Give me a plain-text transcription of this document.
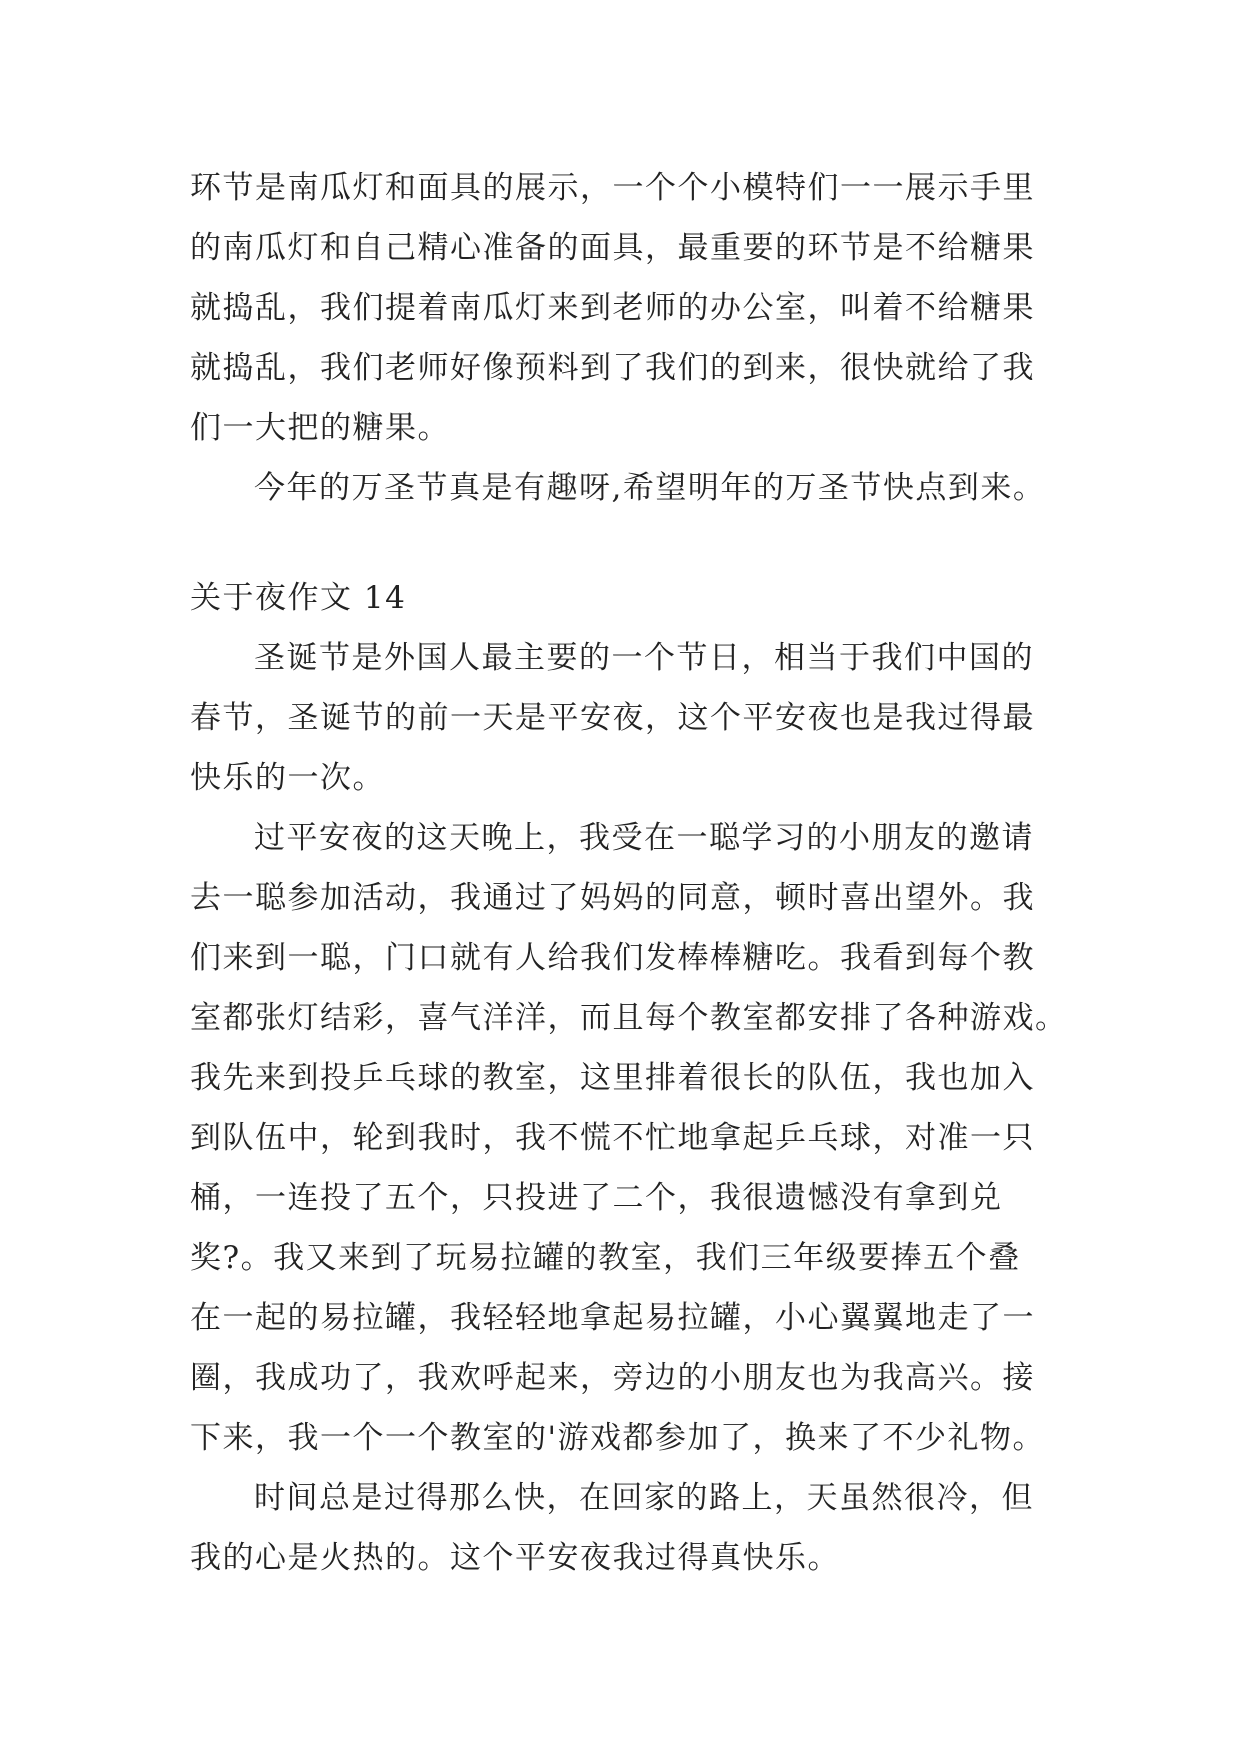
环节是南瓜灯和面具的展示，一个个小模特们一一展示手里
的南瓜灯和自己精心准备的面具，最重要的环节是不给糖果
就捣乱，我们提着南瓜灯来到老师的办公室，叫着不给糖果
就捣乱，我们老师好像预料到了我们的到来，很快就给了我
们一大把的糖果。
今年的万圣节真是有趣呀,希望明年的万圣节快点到来。
关于夜作文 14
圣诞节是外国人最主要的一个节日，相当于我们中国的
春节，圣诞节的前一天是平安夜，这个平安夜也是我过得最
快乐的一次。
过平安夜的这天晚上，我受在一聪学习的小朋友的邀请
去一聪参加活动，我通过了妈妈的同意，顿时喜出望外。我
们来到一聪，门口就有人给我们发棒棒糖吃。我看到每个教
室都张灯结彩，喜气洋洋，而且每个教室都安排了各种游戏。
我先来到投乒乓球的教室，这里排着很长的队伍，我也加入
到队伍中，轮到我时，我不慌不忙地拿起乒乓球，对准一只
桶，一连投了五个，只投进了二个，我很遗憾没有拿到兑
奖?。我又来到了玩易拉罐的教室，我们三年级要捧五个叠
在一起的易拉罐，我轻轻地拿起易拉罐，小心翼翼地走了一
圈，我成功了，我欢呼起来，旁边的小朋友也为我高兴。接
下来，我一个一个教室的'游戏都参加了，换来了不少礼物。
时间总是过得那么快，在回家的路上，天虽然很冷，但
我的心是火热的。这个平安夜我过得真快乐。
